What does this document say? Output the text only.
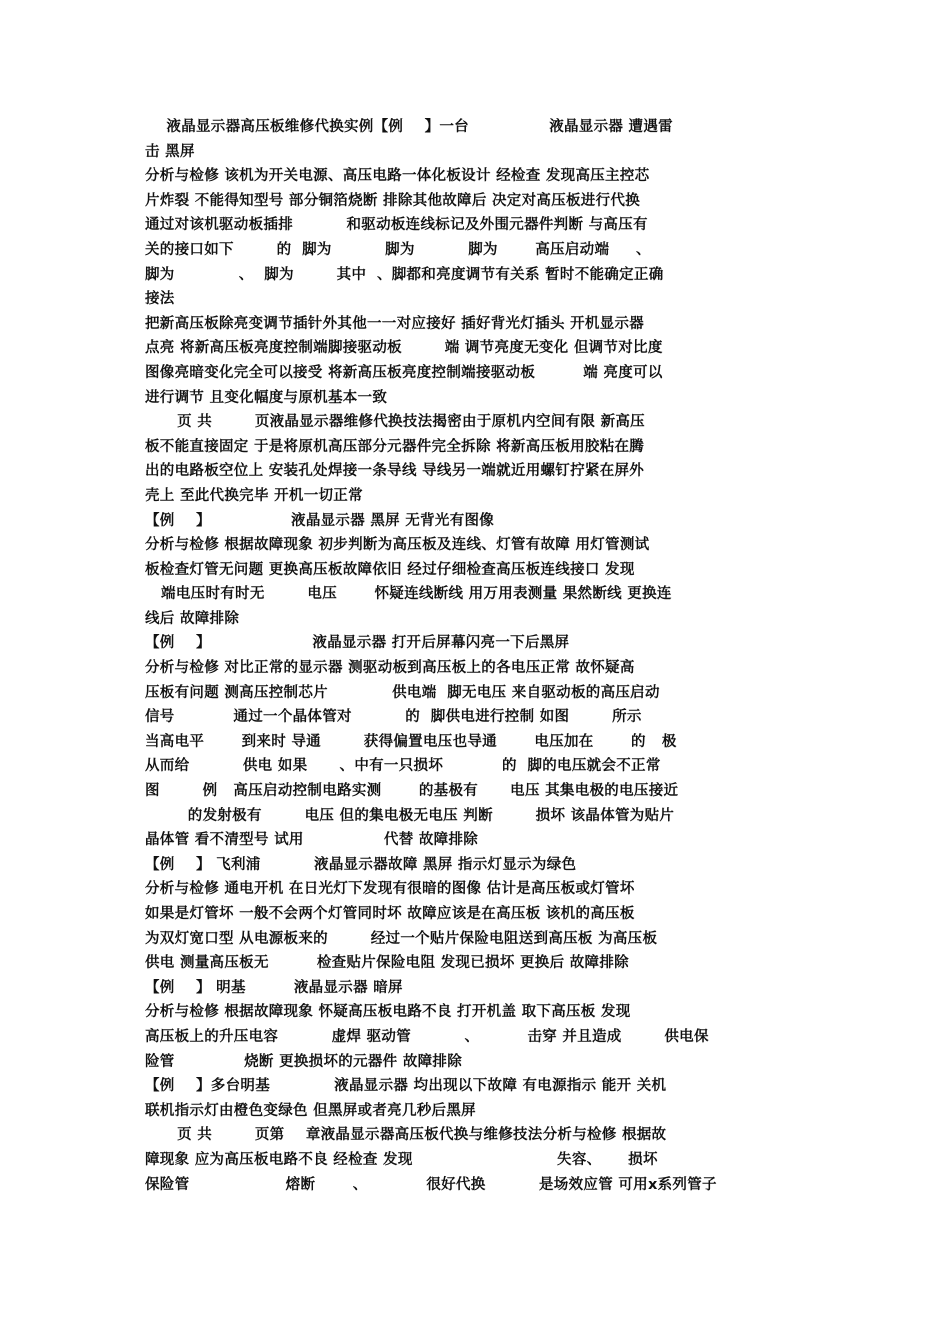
液晶显示器高压板维修代换实例【例    】一台               液晶显示器 遭遇雷
击 黑屏
分析与检修 该机为开关电源、高压电路一体化板设计 经检查 发现高压主控芯
片炸裂 不能得知型号 部分铜箔烧断 排除其他故障后 决定对高压板进行代换
通过对该机驱动板插排          和驱动板连线标记及外围元器件判断 与高压有
关的接口如下        的  脚为          脚为          脚为       高压启动端     、
脚为            、  脚为        其中  、脚都和亮度调节有关系 暂时不能确定正确
接法
把新高压板除亮变调节插针外其他一一对应接好 插好背光灯插头 开机显示器
点亮 将新高压板亮度控制端脚接驱动板        端 调节亮度无变化 但调节对比度
图像亮暗变化完全可以接受 将新高压板亮度控制端接驱动板         端 亮度可以
进行调节 且变化幅度与原机基本一致
页 共        页液晶显示器维修代换技法揭密由于原机内空间有限 新高压
板不能直接固定 于是将原机高压部分元器件完全拆除 将新高压板用胶粘在腾
出的电路板空位上 安装孔处焊接一条导线 导线另一端就近用螺钉拧紧在屏外
壳上 至此代换完毕 开机一切正常
【例    】               液晶显示器 黑屏 无背光有图像
分析与检修 根据故障现象 初步判断为高压板及连线、灯管有故障 用灯管测试
板检查灯管无问题 更换高压板故障依旧 经过仔细检查高压板连线接口 发现
端电压时有时无        电压       怀疑连线断线 用万用表测量 果然断线 更换连
线后 故障排除
【例    】                   液晶显示器 打开后屏幕闪亮一下后黑屏
分析与检修 对比正常的显示器 测驱动板到高压板上的各电压正常 故怀疑高
压板有问题 测高压控制芯片            供电端  脚无电压 来自驱动板的高压启动
信号           通过一个晶体管对          的  脚供电进行控制 如图        所示
当高电平       到来时 导通        获得偏置电压也导通       电压加在       的   极
从而给          供电 如果      、中有一只损坏           的  脚的电压就会不正常
图        例   高压启动控制电路实测       的基极有      电压 其集电极的电压接近
的发射极有        电压 但的集电极无电压 判断        损坏 该晶体管为贴片
晶体管 看不清型号 试用               代替 故障排除
【例    】 飞利浦          液晶显示器故障 黑屏 指示灯显示为绿色
分析与检修 通电开机 在日光灯下发现有很暗的图像 估计是高压板或灯管坏
如果是灯管坏 一般不会两个灯管同时坏 故障应该是在高压板 该机的高压板
为双灯宽口型 从电源板来的        经过一个贴片保险电阻送到高压板 为高压板
供电 测量高压板无         检查贴片保险电阻 发现已损坏 更换后 故障排除
【例    】 明基         液晶显示器 暗屏
分析与检修 根据故障现象 怀疑高压板电路不良 打开机盖 取下高压板 发现
高压板上的升压电容          虚焊 驱动管          、         击穿 并且造成        供电保
险管             烧断 更换损坏的元器件 故障排除
【例    】多台明基            液晶显示器 均出现以下故障 有电源指示 能开 关机
联机指示灯由橙色变绿色 但黑屏或者亮几秒后黑屏
页 共        页第    章液晶显示器高压板代换与维修技法分析与检修 根据故
障现象 应为高压板电路不良 经检查 发现                           失容、     损坏
保险管                  熔断       、           很好代换          是场效应管 可用x系列管子
